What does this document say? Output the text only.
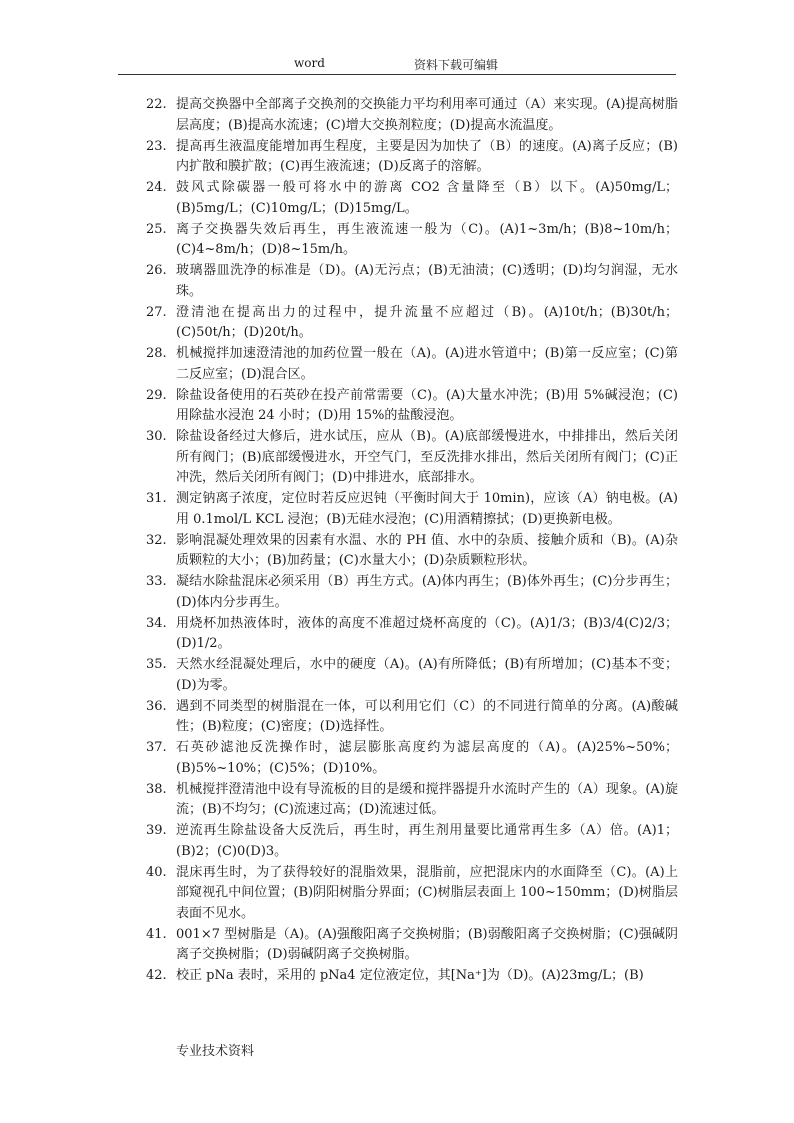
word	资料下载可编辑
22. 提高交换器中全部离子交换剂的交换能力平均利用率可通过（A）来实现。(A)提高树脂层高度；(B)提高水流速；(C)增大交换剂粒度；(D)提高水流温度。
23. 提高再生液温度能增加再生程度，主要是因为加快了（B）的速度。(A)离子反应；(B)内扩散和膜扩散；(C)再生液流速；(D)反离子的溶解。
24. 鼓风式除碳器一般可将水中的游离 CO2 含量降至（B）以下。(A)50mg/L；(B)5mg/L；(C)10mg/L；(D)15mg/L。
25. 离子交换器失效后再生，再生液流速一般为（C)。(A)1~3m/h；(B)8~10m/h；(C)4~8m/h；(D)8~15m/h。
26. 玻璃器皿洗净的标准是（D)。(A)无污点；(B)无油渍；(C)透明；(D)均匀润湿，无水珠。
27. 澄清池在提高出力的过程中，提升流量不应超过（B)。(A)10t/h；(B)30t/h；(C)50t/h；(D)20t/h。
28. 机械搅拌加速澄清池的加药位置一般在（A)。(A)进水管道中；(B)第一反应室；(C)第二反应室；(D)混合区。
29. 除盐设备使用的石英砂在投产前常需要（C)。(A)大量水冲洗；(B)用 5%碱浸泡；(C)用除盐水浸泡 24 小时；(D)用 15%的盐酸浸泡。
30. 除盐设备经过大修后，进水试压，应从（B)。(A)底部缓慢进水，中排排出，然后关闭所有阀门；(B)底部缓慢进水，开空气门，至反洗排水排出，然后关闭所有阀门；(C)正冲洗，然后关闭所有阀门；(D)中排进水，底部排水。
31. 测定钠离子浓度，定位时若反应迟钝（平衡时间大于 10min)，应该（A）钠电极。(A)用 0.1mol/L KCL 浸泡；(B)无硅水浸泡；(C)用酒精擦拭；(D)更换新电极。
32. 影响混凝处理效果的因素有水温、水的 PH 值、水中的杂质、接触介质和（B)。(A)杂质颗粒的大小；(B)加药量；(C)水量大小；(D)杂质颗粒形状。
33. 凝结水除盐混床必须采用（B）再生方式。(A)体内再生；(B)体外再生；(C)分步再生；(D)体内分步再生。
34. 用烧杯加热液体时，液体的高度不准超过烧杯高度的（C)。(A)1/3；(B)3/4(C)2/3；(D)1/2。
35. 天然水经混凝处理后，水中的硬度（A)。(A)有所降低；(B)有所增加；(C)基本不变；(D)为零。
36. 遇到不同类型的树脂混在一体，可以利用它们（C）的不同进行简单的分离。(A)酸碱性；(B)粒度；(C)密度；(D)选择性。
37. 石英砂滤池反洗操作时，滤层膨胀高度约为滤层高度的（A)。(A)25%~50%；(B)5%~10%；(C)5%；(D)10%。
38. 机械搅拌澄清池中设有导流板的目的是缓和搅拌器提升水流时产生的（A）现象。(A)旋流；(B)不均匀；(C)流速过高；(D)流速过低。
39. 逆流再生除盐设备大反洗后，再生时，再生剂用量要比通常再生多（A）倍。(A)1；(B)2；(C)0(D)3。
40. 混床再生时，为了获得较好的混脂效果，混脂前，应把混床内的水面降至（C)。(A)上部窥视孔中间位置；(B)阴阳树脂分界面；(C)树脂层表面上 100~150mm；(D)树脂层表面不见水。
41. 001×7 型树脂是（A)。(A)强酸阳离子交换树脂；(B)弱酸阳离子交换树脂；(C)强碱阴离子交换树脂；(D)弱碱阴离子交换树脂。
42. 校正 pNa 表时，采用的 pNa4 定位液定位，其[Na⁺]为（D)。(A)23mg/L；(B)
专业技术资料
